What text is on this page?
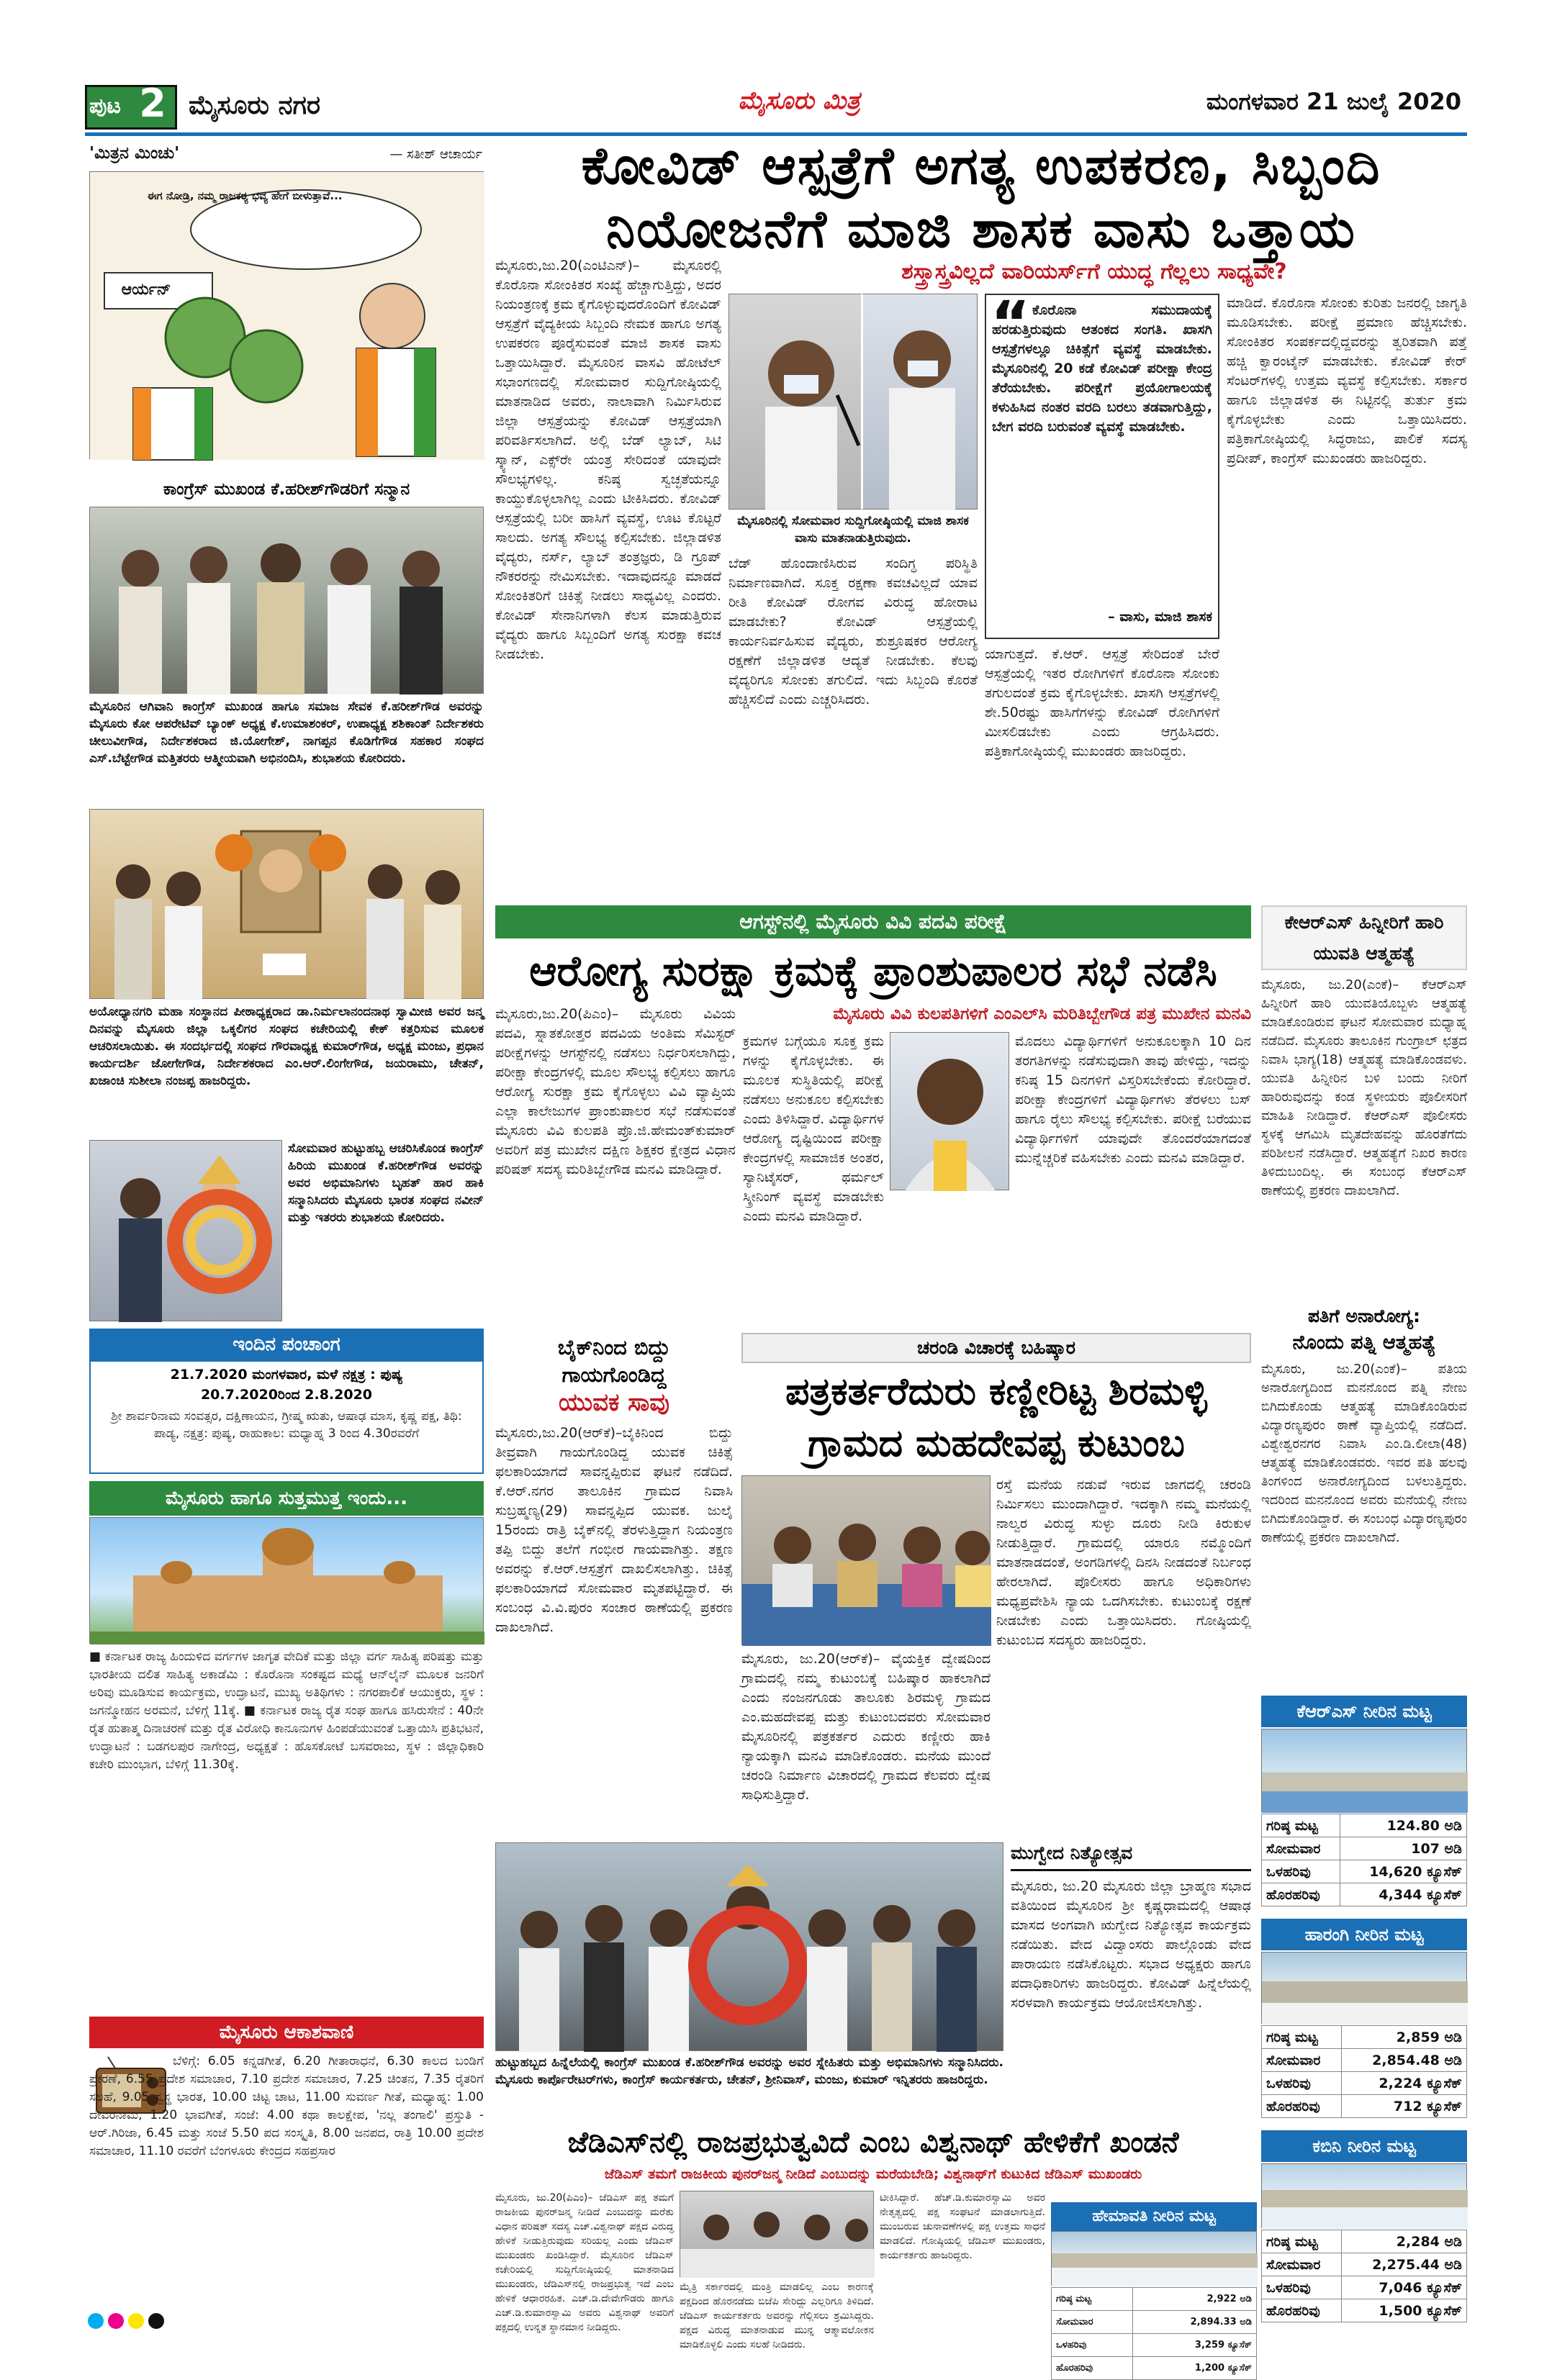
ಪುಟ 2 ಮೈಸೂರು ನಗರ	ಮೈಸೂರು ಮಿತ್ರ	ಮಂಗಳವಾರ 21 ಜುಲೈ 2020
'ಮಿತ್ರನ ಮಿಂಚು'	— ಸತೀಶ್ ಆಚಾರ್ಯ
ಈಗ ನೋಡ್ರಿ, ನಮ್ಮ ರಾಜಕರ್‍ಯ ಭವ್ಯ ಹೇಗೆ ಬೀಳುತ್ತಾವೆ...
ಆರ್ಯನ್
ಕಾಂಗ್ರೆಸ್ ಮುಖಂಡ ಕೆ.ಹರೀಶ್‌ಗೌಡರಿಗೆ ಸನ್ಮಾನ
ಮೈಸೂರಿನ ಆಗಿವಾನಿ ಕಾಂಗ್ರೆಸ್ ಮುಖಂಡ ಹಾಗೂ ಸಮಾಜ ಸೇವಕ ಕೆ.ಹರೀಶ್‌ಗೌಡ ಅವರನ್ನು ಮೈಸೂರು ಕೋ ಆಪರೇಟಿವ್ ಬ್ಯಾಂಕ್ ಅಧ್ಯಕ್ಷ ಕೆ.ಉಮಾಶಂಕರ್, ಉಪಾಧ್ಯಕ್ಷ ಶಶಿಕಾಂತ್ ನಿರ್ದೇಶಕರು ಚೀಲುವೀಗೌಡ, ನಿರ್ದೇಶಕರಾದ ಜಿ.ಯೋಗೇಶ್, ನಾಗಪ್ಪನ ಕೊಡಿಗೆಗೌಡ ಸಹಕಾರ ಸಂಘದ ಎಸ್.ಬೆಟ್ಟೇಗೌಡ ಮತ್ತಿತರರು ಆತ್ಮೀಯವಾಗಿ ಅಭಿನಂದಿಸಿ, ಶುಭಾಶಯ ಕೋರಿದರು.
ಅಯೋಧ್ಯಾನಗರಿ ಮಹಾ ಸಂಸ್ಥಾನದ ಪೀಠಾಧ್ಯಕ್ಷರಾದ ಡಾ.ನಿರ್ಮಲಾನಂದನಾಥ ಸ್ವಾಮೀಜಿ ಅವರ ಜನ್ಮ ದಿನವನ್ನು ಮೈಸೂರು ಜಿಲ್ಲಾ ಒಕ್ಕಲಿಗರ ಸಂಘದ ಕಚೇರಿಯಲ್ಲಿ ಕೇಕ್ ಕತ್ತರಿಸುವ ಮೂಲಕ ಆಚರಿಸಲಾಯಿತು. ಈ ಸಂದರ್ಭದಲ್ಲಿ ಸಂಘದ ಗೌರವಾಧ್ಯಕ್ಷ ಕುಮಾರ್‌ಗೌಡ, ಅಧ್ಯಕ್ಷ ಮಂಜು, ಪ್ರಧಾನ ಕಾರ್ಯದರ್ಶಿ ಜೋಗೇಗೌಡ, ನಿರ್ದೇಶಕರಾದ ಎಂ.ಆರ್.ಲಿಂಗೇಗೌಡ, ಜಯರಾಮು, ಚೇತನ್, ಖಜಾಂಚಿ ಸುಶೀಲಾ ನಂಜಪ್ಪ ಹಾಜರಿದ್ದರು.
ಸೋಮವಾರ ಹುಟ್ಟುಹಬ್ಬ ಆಚರಿಸಿಕೊಂಡ ಕಾಂಗ್ರೆಸ್ ಹಿರಿಯ ಮುಖಂಡ ಕೆ.ಹರೀಶ್‌ಗೌಡ ಅವರನ್ನು ಅವರ ಅಭಿಮಾನಿಗಳು ಬೃಹತ್ ಹಾರ ಹಾಕಿ ಸನ್ಮಾನಿಸಿದರು ಮೈಸೂರು ಭಾರತ ಸಂಘದ ನವೀನ್ ಮತ್ತು ಇತರರು ಶುಭಾಶಯ ಕೋರಿದರು.
ಇಂದಿನ ಪಂಚಾಂಗ
21.7.2020 ಮಂಗಳವಾರ, ಮಳೆ ನಕ್ಷತ್ರ : ಪುಷ್ಯ
20.7.2020ರಿಂದ 2.8.2020
ಶ್ರೀ ಶಾರ್ವರಿನಾಮ ಸಂವತ್ಸರ, ದಕ್ಷಿಣಾಯನ, ಗ್ರೀಷ್ಮ ಋತು, ಆಷಾಢ ಮಾಸ, ಕೃಷ್ಣ ಪಕ್ಷ, ತಿಥಿ: ಪಾಡ್ಯ, ನಕ್ಷತ್ರ: ಪುಷ್ಯ, ರಾಹುಕಾಲ: ಮಧ್ಯಾಹ್ನ 3 ರಿಂದ 4.30ರವರೆಗೆ
ಮೈಸೂರು ಹಾಗೂ ಸುತ್ತಮುತ್ತ ಇಂದು...
■ ಕರ್ನಾಟಕ ರಾಜ್ಯ ಹಿಂದುಳಿದ ವರ್ಗಗಳ ಜಾಗೃತ ವೇದಿಕೆ ಮತ್ತು ಜಿಲ್ಲಾ ವರ್ಗ ಸಾಹಿತ್ಯ ಪರಿಷತ್ತು ಮತ್ತು ಭಾರತೀಯ ದಲಿತ ಸಾಹಿತ್ಯ ಅಕಾಡೆಮಿ : ಕೊರೊನಾ ಸಂಕಷ್ಟದ ಮಧ್ಯೆ ಆನ್‌ಲೈನ್ ಮೂಲಕ ಜನರಿಗೆ ಅರಿವು ಮೂಡಿಸುವ ಕಾರ್ಯಕ್ರಮ, ಉದ್ಘಾಟನೆ, ಮುಖ್ಯ ಅತಿಥಿಗಳು : ನಗರಪಾಲಿಕೆ ಆಯುಕ್ತರು, ಸ್ಥಳ : ಜಗನ್ಮೋಹನ ಅರಮನೆ, ಬೆಳಿಗ್ಗೆ 11ಕ್ಕೆ. ■ ಕರ್ನಾಟಕ ರಾಜ್ಯ ರೈತ ಸಂಘ ಹಾಗೂ ಹಸಿರುಸೇನೆ : 40ನೇ ರೈತ ಹುತಾತ್ಮ ದಿನಾಚರಣೆ ಮತ್ತು ರೈತ ವಿರೋಧಿ ಕಾನೂನುಗಳ ಹಿಂಪಡೆಯುವಂತೆ ಒತ್ತಾಯಿಸಿ ಪ್ರತಿಭಟನೆ, ಉದ್ಘಾಟನೆ : ಬಡಗಲಪುರ ನಾಗೇಂದ್ರ, ಅಧ್ಯಕ್ಷತೆ : ಹೊಸಕೋಟೆ ಬಸವರಾಜು, ಸ್ಥಳ : ಜಿಲ್ಲಾಧಿಕಾರಿ ಕಚೇರಿ ಮುಂಭಾಗ, ಬೆಳಿಗ್ಗೆ 11.30ಕ್ಕೆ.
ಮೈಸೂರು ಆಕಾಶವಾಣಿ
ಬೆಳಿಗ್ಗೆ: 6.05 ಕನ್ನಡಗೀತೆ, 6.20 ಗೀತಾರಾಧನೆ, 6.30 ಕಾಲದ ಬಂಡಿಗೆ ಪ್ರೇರಣೆ, 6.55 ಪ್ರದೇಶ ಸಮಾಚಾರ, 7.10 ಪ್ರದೇಶ ಸಮಾಚಾರ, 7.25 ಚಿಂತನ, 7.35 ರೈತರಿಗೆ ಸಲಹೆ, 9.05 ಸ್ವಸ್ಥ ಭಾರತ, 10.00 ಚಿಟ್ಟ ಚಾಟ, 11.00 ಸುವರ್ಣ ಗೀತೆ, ಮಧ್ಯಾಹ್ನ: 1.00 ದೇವರನಾಮ, 1.20 ಭಾವಗೀತೆ, ಸಂಜೆ: 4.00 ಕಥಾ ಕಾಲಕ್ಷೇಪ, 'ನಲ್ಲ ತಂಗಾಲಿ' ಪ್ರಸ್ತುತಿ - ಆರ್.ಗಿರಿಜಾ, 6.45 ಮತ್ತು ಸಂಜೆ 5.50 ಪದ ಸಂಸ್ಕೃತಿ, 8.00 ಜನಪದ, ರಾತ್ರಿ 10.00 ಪ್ರದೇಶ ಸಮಾಚಾರ, 11.10 ರವರೆಗೆ ಬೆಂಗಳೂರು ಕೇಂದ್ರದ ಸಹಪ್ರಸಾರ
ಕೋವಿಡ್ ಆಸ್ಪತ್ರೆಗೆ ಅಗತ್ಯ ಉಪಕರಣ, ಸಿಬ್ಬಂದಿ
ನಿಯೋಜನೆಗೆ ಮಾಜಿ ಶಾಸಕ ವಾಸು ಒತ್ತಾಯ
ಶಸ್ತ್ರಾಸ್ತ್ರವಿಲ್ಲದೆ ವಾರಿಯರ್ಸ್‌ಗೆ ಯುದ್ಧ ಗೆಲ್ಲಲು ಸಾಧ್ಯವೇ?
ಮೈಸೂರು,ಜು.20(ಎಂಟಿಎನ್)– ಮೈಸೂರಲ್ಲಿ ಕೊರೊನಾ ಸೋಂಕಿತರ ಸಂಖ್ಯೆ ಹೆಚ್ಚಾಗುತ್ತಿದ್ದು, ಅದರ ನಿಯಂತ್ರಣಕ್ಕೆ ಕ್ರಮ ಕೈಗೊಳ್ಳುವುದರೊಂದಿಗೆ ಕೋವಿಡ್ ಆಸ್ಪತ್ರೆಗೆ ವೈದ್ಯಕೀಯ ಸಿಬ್ಬಂದಿ ನೇಮಕ ಹಾಗೂ ಅಗತ್ಯ ಉಪಕರಣ ಪೂರೈಸುವಂತೆ ಮಾಜಿ ಶಾಸಕ ವಾಸು ಒತ್ತಾಯಿಸಿದ್ದಾರೆ. ಮೈಸೂರಿನ ವಾಸವಿ ಹೋಟೆಲ್ ಸಭಾಂಗಣದಲ್ಲಿ ಸೋಮವಾರ ಸುದ್ದಿಗೋಷ್ಠಿಯಲ್ಲಿ ಮಾತನಾಡಿದ ಅವರು, ನಾಲಾವಾಗಿ ನಿರ್ಮಿಸಿರುವ ಜಿಲ್ಲಾ ಆಸ್ಪತ್ರೆಯನ್ನು ಕೋವಿಡ್ ಆಸ್ಪತ್ರೆಯಾಗಿ ಪರಿವರ್ತಿಸಲಾಗಿದೆ. ಅಲ್ಲಿ ಬೆಡ್ ಲ್ಯಾಬ್, ಸಿಟಿ ಸ್ಕ್ಯಾನ್, ಎಕ್ಸ್‌ರೇ ಯಂತ್ರ ಸೇರಿದಂತೆ ಯಾವುದೇ ಸೌಲಭ್ಯಗಳಿಲ್ಲ. ಕನಿಷ್ಠ ಸ್ವಚ್ಛತೆಯನ್ನೂ ಕಾಯ್ದುಕೊಳ್ಳಲಾಗಿಲ್ಲ ಎಂದು ಟೀಕಿಸಿದರು. ಕೋವಿಡ್ ಆಸ್ಪತ್ರೆಯಲ್ಲಿ ಬರೀ ಹಾಸಿಗೆ ವ್ಯವಸ್ಥೆ, ಊಟ ಕೊಟ್ಟರೆ ಸಾಲದು. ಅಗತ್ಯ ಸೌಲಭ್ಯ ಕಲ್ಪಿಸಬೇಕು. ಜಿಲ್ಲಾಡಳಿತ ವೈದ್ಯರು, ನರ್ಸ್, ಲ್ಯಾಬ್ ತಂತ್ರಜ್ಞರು, ಡಿ ಗ್ರೂಪ್ ನೌಕರರನ್ನು ನೇಮಿಸಬೇಕು. ಇದಾವುದನ್ನೂ ಮಾಡದೆ ಸೋಂಕಿತರಿಗೆ ಚಿಕಿತ್ಸೆ ನೀಡಲು ಸಾಧ್ಯವಿಲ್ಲ ಎಂದರು. ಕೋವಿಡ್ ಸೇನಾನಿಗಳಾಗಿ ಕೆಲಸ ಮಾಡುತ್ತಿರುವ ವೈದ್ಯರು ಹಾಗೂ ಸಿಬ್ಬಂದಿಗೆ ಅಗತ್ಯ ಸುರಕ್ಷಾ ಕವಚ ನೀಡಬೇಕು.
ಮೈಸೂರಿನಲ್ಲಿ ಸೋಮವಾರ ಸುದ್ದಿಗೋಷ್ಠಿಯಲ್ಲಿ ಮಾಜಿ ಶಾಸಕ ವಾಸು ಮಾತನಾಡುತ್ತಿರುವುದು.
ಬೆಡ್ ಹೊಂದಾಣಿಸಿರುವ ಸಂದಿಗ್ಧ ಪರಿಸ್ಥಿತಿ ನಿರ್ಮಾಣವಾಗಿದೆ. ಸೂಕ್ತ ರಕ್ಷಣಾ ಕವಚವಿಲ್ಲದೆ ಯಾವ ರೀತಿ ಕೋವಿಡ್ ರೋಗವ ವಿರುದ್ಧ ಹೋರಾಟ ಮಾಡಬೇಕು? ಕೋವಿಡ್ ಆಸ್ಪತ್ರೆಯಲ್ಲಿ ಕಾರ್ಯನಿರ್ವಹಿಸುವ ವೈದ್ಯರು, ಶುಶ್ರೂಷಕರ ಆರೋಗ್ಯ ರಕ್ಷಣೆಗೆ ಜಿಲ್ಲಾಡಳಿತ ಆದ್ಯತೆ ನೀಡಬೇಕು. ಕೆಲವು ವೈದ್ಯರಿಗೂ ಸೋಂಕು ತಗುಲಿದೆ. ಇದು ಸಿಬ್ಬಂದಿ ಕೊರತೆ ಹೆಚ್ಚಿಸಲಿದೆ ಎಂದು ಎಚ್ಚರಿಸಿದರು.
“ ಕೊರೊನಾ ಸಮುದಾಯಕ್ಕೆ ಹರಡುತ್ತಿರುವುದು ಆತಂಕದ ಸಂಗತಿ. ಖಾಸಗಿ ಆಸ್ಪತ್ರೆಗಳಲ್ಲೂ ಚಿಕಿತ್ಸೆಗೆ ವ್ಯವಸ್ಥೆ ಮಾಡಬೇಕು. ಮೈಸೂರಿನಲ್ಲಿ 20 ಕಡೆ ಕೋವಿಡ್ ಪರೀಕ್ಷಾ ಕೇಂದ್ರ ತೆರೆಯಬೇಕು. ಪರೀಕ್ಷೆಗೆ ಪ್ರಯೋಗಾಲಯಕ್ಕೆ ಕಳುಹಿಸಿದ ನಂತರ ವರದಿ ಬರಲು ತಡವಾಗುತ್ತಿದ್ದು, ಬೇಗ ವರದಿ ಬರುವಂತೆ ವ್ಯವಸ್ಥೆ ಮಾಡಬೇಕು.
– ವಾಸು, ಮಾಜಿ ಶಾಸಕ
ಯಾಗುತ್ತದೆ. ಕೆ.ಆರ್. ಆಸ್ಪತ್ರೆ ಸೇರಿದಂತೆ ಬೇರೆ ಆಸ್ಪತ್ರೆಯಲ್ಲಿ ಇತರ ರೋಗಿಗಳಿಗೆ ಕೊರೊನಾ ಸೋಂಕು ತಗುಲದಂತೆ ಕ್ರಮ ಕೈಗೊಳ್ಳಬೇಕು. ಖಾಸಗಿ ಆಸ್ಪತ್ರೆಗಳಲ್ಲಿ ಶೇ.50ರಷ್ಟು ಹಾಸಿಗೆಗಳನ್ನು ಕೋವಿಡ್ ರೋಗಿಗಳಿಗೆ ಮೀಸಲಿಡಬೇಕು ಎಂದು ಆಗ್ರಹಿಸಿದರು. ಪತ್ರಿಕಾಗೋಷ್ಠಿಯಲ್ಲಿ ಮುಖಂಡರು ಹಾಜರಿದ್ದರು.
ಮಾಡಿದೆ. ಕೊರೊನಾ ಸೋಂಕು ಕುರಿತು ಜನರಲ್ಲಿ ಜಾಗೃತಿ ಮೂಡಿಸಬೇಕು. ಪರೀಕ್ಷೆ ಪ್ರಮಾಣ ಹೆಚ್ಚಿಸಬೇಕು. ಸೋಂಕಿತರ ಸಂಪರ್ಕದಲ್ಲಿದ್ದವರನ್ನು ತ್ವರಿತವಾಗಿ ಪತ್ತೆ ಹಚ್ಚಿ ಕ್ವಾರಂಟೈನ್ ಮಾಡಬೇಕು. ಕೋವಿಡ್ ಕೇರ್ ಸೆಂಟರ್‌ಗಳಲ್ಲಿ ಉತ್ತಮ ವ್ಯವಸ್ಥೆ ಕಲ್ಪಿಸಬೇಕು. ಸರ್ಕಾರ ಹಾಗೂ ಜಿಲ್ಲಾಡಳಿತ ಈ ನಿಟ್ಟಿನಲ್ಲಿ ತುರ್ತು ಕ್ರಮ ಕೈಗೊಳ್ಳಬೇಕು ಎಂದು ಒತ್ತಾಯಿಸಿದರು. ಪತ್ರಿಕಾಗೋಷ್ಠಿಯಲ್ಲಿ ಸಿದ್ಧರಾಜು, ಪಾಲಿಕೆ ಸದಸ್ಯ ಪ್ರದೀಪ್, ಕಾಂಗ್ರೆಸ್ ಮುಖಂಡರು ಹಾಜರಿದ್ದರು.
ಆಗಸ್ಟ್‌ನಲ್ಲಿ ಮೈಸೂರು ವಿವಿ ಪದವಿ ಪರೀಕ್ಷೆ
ಆರೋಗ್ಯ ಸುರಕ್ಷಾ ಕ್ರಮಕ್ಕೆ ಪ್ರಾಂಶುಪಾಲರ ಸಭೆ ನಡೆಸಿ
ಮೈಸೂರು ವಿವಿ ಕುಲಪತಿಗಳಿಗೆ ಎಂಎಲ್‌ಸಿ ಮರಿತಿಬ್ಬೇಗೌಡ ಪತ್ರ ಮುಖೇನ ಮನವಿ
ಮೈಸೂರು,ಜು.20(ಪಿಎಂ)– ಮೈಸೂರು ವಿವಿಯ ಪದವಿ, ಸ್ನಾತಕೋತ್ತರ ಪದವಿಯ ಅಂತಿಮ ಸೆಮಿಸ್ಟರ್ ಪರೀಕ್ಷೆಗಳನ್ನು ಆಗಸ್ಟ್‌ನಲ್ಲಿ ನಡೆಸಲು ನಿರ್ಧರಿಸಲಾಗಿದ್ದು, ಪರೀಕ್ಷಾ ಕೇಂದ್ರಗಳಲ್ಲಿ ಮೂಲ ಸೌಲಭ್ಯ ಕಲ್ಪಿಸಲು ಹಾಗೂ ಆರೋಗ್ಯ ಸುರಕ್ಷಾ ಕ್ರಮ ಕೈಗೊಳ್ಳಲು ವಿವಿ ವ್ಯಾಪ್ತಿಯ ಎಲ್ಲಾ ಕಾಲೇಜುಗಳ ಪ್ರಾಂಶುಪಾಲರ ಸಭೆ ನಡೆಸುವಂತೆ ಮೈಸೂರು ವಿವಿ ಕುಲಪತಿ ಪ್ರೊ.ಜಿ.ಹೇಮಂತ್‌ಕುಮಾರ್ ಅವರಿಗೆ ಪತ್ರ ಮುಖೇನ ದಕ್ಷಿಣ ಶಿಕ್ಷಕರ ಕ್ಷೇತ್ರದ ವಿಧಾನ ಪರಿಷತ್ ಸದಸ್ಯ ಮರಿತಿಬ್ಬೇಗೌಡ ಮನವಿ ಮಾಡಿದ್ದಾರೆ.
ಕ್ರಮಗಳ ಬಗ್ಗೆಯೂ ಸೂಕ್ತ ಕ್ರಮ ಗಳನ್ನು ಕೈಗೊಳ್ಳಬೇಕು. ಈ ಮೂಲಕ ಸುಸ್ಥಿತಿಯಲ್ಲಿ ಪರೀಕ್ಷೆ ನಡೆಸಲು ಅನುಕೂಲ ಕಲ್ಪಿಸಬೇಕು ಎಂದು ತಿಳಿಸಿದ್ದಾರೆ. ವಿದ್ಯಾರ್ಥಿಗಳ ಆರೋಗ್ಯ ದೃಷ್ಟಿಯಿಂದ ಪರೀಕ್ಷಾ ಕೇಂದ್ರಗಳಲ್ಲಿ ಸಾಮಾಜಿಕ ಅಂತರ, ಸ್ಯಾನಿಟೈಸರ್, ಥರ್ಮಲ್ ಸ್ಕ್ರೀನಿಂಗ್ ವ್ಯವಸ್ಥೆ ಮಾಡಬೇಕು ಎಂದು ಮನವಿ ಮಾಡಿದ್ದಾರೆ.
ಮೊದಲು ವಿದ್ಯಾರ್ಥಿಗಳಿಗೆ ಅನುಕೂಲಕ್ಕಾಗಿ 10 ದಿನ ತರಗತಿಗಳನ್ನು ನಡೆಸುವುದಾಗಿ ತಾವು ಹೇಳಿದ್ದು, ಇದನ್ನು ಕನಿಷ್ಠ 15 ದಿನಗಳಿಗೆ ವಿಸ್ತರಿಸಬೇಕೆಂದು ಕೋರಿದ್ದಾರೆ. ಪರೀಕ್ಷಾ ಕೇಂದ್ರಗಳಿಗೆ ವಿದ್ಯಾರ್ಥಿಗಳು ತೆರಳಲು ಬಸ್ ಹಾಗೂ ರೈಲು ಸೌಲಭ್ಯ ಕಲ್ಪಿಸಬೇಕು. ಪರೀಕ್ಷೆ ಬರೆಯುವ ವಿದ್ಯಾರ್ಥಿಗಳಿಗೆ ಯಾವುದೇ ತೊಂದರೆಯಾಗದಂತೆ ಮುನ್ನೆಚ್ಚರಿಕೆ ವಹಿಸಬೇಕು ಎಂದು ಮನವಿ ಮಾಡಿದ್ದಾರೆ.
ಕೇಆರ್‌ಎಸ್ ಹಿನ್ನೀರಿಗೆ ಹಾರಿ ಯುವತಿ ಆತ್ಮಹತ್ಯೆ
ಮೈಸೂರು, ಜು.20(ಎಂಕೆ)– ಕೆಆರ್‌ಎಸ್ ಹಿನ್ನೀರಿಗೆ ಹಾರಿ ಯುವತಿಯೊಬ್ಬಳು ಆತ್ಮಹತ್ಯೆ ಮಾಡಿಕೊಂಡಿರುವ ಘಟನೆ ಸೋಮವಾರ ಮಧ್ಯಾಹ್ನ ನಡೆದಿದೆ. ಮೈಸೂರು ತಾಲೂಕಿನ ಗುಂಗ್ರಾಲ್ ಛತ್ರದ ನಿವಾಸಿ ಭಾಗ್ಯ(18) ಆತ್ಮಹತ್ಯೆ ಮಾಡಿಕೊಂಡವಳು. ಯುವತಿ ಹಿನ್ನೀರಿನ ಬಳಿ ಬಂದು ನೀರಿಗೆ ಹಾರಿರುವುದನ್ನು ಕಂಡ ಸ್ಥಳೀಯರು ಪೊಲೀಸರಿಗೆ ಮಾಹಿತಿ ನೀಡಿದ್ದಾರೆ. ಕೆಆರ್‌ಎಸ್ ಪೊಲೀಸರು ಸ್ಥಳಕ್ಕೆ ಆಗಮಿಸಿ ಮೃತದೇಹವನ್ನು ಹೊರತೆಗೆದು ಪರಿಶೀಲನೆ ನಡೆಸಿದ್ದಾರೆ. ಆತ್ಮಹತ್ಯೆಗೆ ನಿಖರ ಕಾರಣ ತಿಳಿದುಬಂದಿಲ್ಲ. ಈ ಸಂಬಂಧ ಕೆಆರ್‌ಎಸ್ ಠಾಣೆಯಲ್ಲಿ ಪ್ರಕರಣ ದಾಖಲಾಗಿದೆ.
ಪತಿಗೆ ಅನಾರೋಗ್ಯ:
ನೊಂದು ಪತ್ನಿ ಆತ್ಮಹತ್ಯೆ
ಮೈಸೂರು, ಜು.20(ಎಂಕೆ)– ಪತಿಯ ಅನಾರೋಗ್ಯದಿಂದ ಮನನೊಂದ ಪತ್ನಿ ನೇಣು ಬಿಗಿದುಕೊಂಡು ಆತ್ಮಹತ್ಯೆ ಮಾಡಿಕೊಂಡಿರುವ ವಿದ್ಯಾರಣ್ಯಪುರಂ ಠಾಣೆ ವ್ಯಾಪ್ತಿಯಲ್ಲಿ ನಡೆದಿದೆ. ವಿಶ್ವೇಶ್ವರನಗರ ನಿವಾಸಿ ಎಂ.ಡಿ.ಲೀಲಾ(48) ಆತ್ಮಹತ್ಯೆ ಮಾಡಿಕೊಂಡವರು. ಇವರ ಪತಿ ಹಲವು ತಿಂಗಳಿಂದ ಅನಾರೋಗ್ಯದಿಂದ ಬಳಲುತ್ತಿದ್ದರು. ಇದರಿಂದ ಮನನೊಂದ ಅವರು ಮನೆಯಲ್ಲಿ ನೇಣು ಬಿಗಿದುಕೊಂಡಿದ್ದಾರೆ. ಈ ಸಂಬಂಧ ವಿದ್ಯಾರಣ್ಯಪುರಂ ಠಾಣೆಯಲ್ಲಿ ಪ್ರಕರಣ ದಾಖಲಾಗಿದೆ.
ಕೆಆರ್‌ಎಸ್ ನೀರಿನ ಮಟ್ಟ
ಗರಿಷ್ಠ ಮಟ್ಟ	124.80 ಅಡಿ
ಸೋಮವಾರ	107 ಅಡಿ
ಒಳಹರಿವು	14,620 ಕ್ಯೂಸೆಕ್
ಹೊರಹರಿವು	4,344 ಕ್ಯೂಸೆಕ್
ಹಾರಂಗಿ ನೀರಿನ ಮಟ್ಟ
ಗರಿಷ್ಠ ಮಟ್ಟ	2,859 ಅಡಿ
ಸೋಮವಾರ	2,854.48 ಅಡಿ
ಒಳಹರಿವು	2,224 ಕ್ಯೂಸೆಕ್
ಹೊರಹರಿವು	712 ಕ್ಯೂಸೆಕ್
ಕಬಿನಿ ನೀರಿನ ಮಟ್ಟ
ಗರಿಷ್ಠ ಮಟ್ಟ	2,284 ಅಡಿ
ಸೋಮವಾರ	2,275.44 ಅಡಿ
ಒಳಹರಿವು	7,046 ಕ್ಯೂಸೆಕ್
ಹೊರಹರಿವು	1,500 ಕ್ಯೂಸೆಕ್
ಹೇಮಾವತಿ ನೀರಿನ ಮಟ್ಟ
ಗರಿಷ್ಠ ಮಟ್ಟ	2,922 ಅಡಿ
ಸೋಮವಾರ	2,894.33 ಅಡಿ
ಒಳಹರಿವು	3,259 ಕ್ಯೂಸೆಕ್
ಹೊರಹರಿವು	1,200 ಕ್ಯೂಸೆಕ್
ಬೈಕ್‌ನಿಂದ ಬಿದ್ದು
ಗಾಯಗೊಂಡಿದ್ದ
ಯುವಕ ಸಾವು
ಮೈಸೂರು,ಜು.20(ಆರ್‌ಕೆ)–ಬೈಕಿನಿಂದ ಬಿದ್ದು ತೀವ್ರವಾಗಿ ಗಾಯಗೊಂಡಿದ್ದ ಯುವಕ ಚಿಕಿತ್ಸೆ ಫಲಕಾರಿಯಾಗದೆ ಸಾವನ್ನಪ್ಪಿರುವ ಘಟನೆ ನಡೆದಿದೆ. ಕೆ.ಆರ್.ನಗರ ತಾಲೂಕಿನ ಗ್ರಾಮದ ನಿವಾಸಿ ಸುಬ್ರಹ್ಮಣ್ಯ(29) ಸಾವನ್ನಪ್ಪಿದ ಯುವಕ. ಜುಲೈ 15ರಂದು ರಾತ್ರಿ ಬೈಕ್‌ನಲ್ಲಿ ತೆರಳುತ್ತಿದ್ದಾಗ ನಿಯಂತ್ರಣ ತಪ್ಪಿ ಬಿದ್ದು ತಲೆಗೆ ಗಂಭೀರ ಗಾಯವಾಗಿತ್ತು. ತಕ್ಷಣ ಅವರನ್ನು ಕೆ.ಆರ್.ಆಸ್ಪತ್ರೆಗೆ ದಾಖಲಿಸಲಾಗಿತ್ತು. ಚಿಕಿತ್ಸೆ ಫಲಕಾರಿಯಾಗದೆ ಸೋಮವಾರ ಮೃತಪಟ್ಟಿದ್ದಾರೆ. ಈ ಸಂಬಂಧ ವಿ.ವಿ.ಪುರಂ ಸಂಚಾರ ಠಾಣೆಯಲ್ಲಿ ಪ್ರಕರಣ ದಾಖಲಾಗಿದೆ.
ಚರಂಡಿ ವಿಚಾರಕ್ಕೆ ಬಹಿಷ್ಕಾರ
ಪತ್ರಕರ್ತರೆದುರು ಕಣ್ಣೀರಿಟ್ಟ ಶಿರಮಳ್ಳಿ
ಗ್ರಾಮದ ಮಹದೇವಪ್ಪ ಕುಟುಂಬ
ಮೈಸೂರು, ಜು.20(ಆರ್‌ಕೆ)– ವೈಯಕ್ತಿಕ ದ್ವೇಷದಿಂದ ಗ್ರಾಮದಲ್ಲಿ ನಮ್ಮ ಕುಟುಂಬಕ್ಕೆ ಬಹಿಷ್ಕಾರ ಹಾಕಲಾಗಿದೆ ಎಂದು ನಂಜನಗೂಡು ತಾಲೂಕು ಶಿರಮಳ್ಳಿ ಗ್ರಾಮದ ಎಂ.ಮಹದೇವಪ್ಪ ಮತ್ತು ಕುಟುಂಬದವರು ಸೋಮವಾರ ಮೈಸೂರಿನಲ್ಲಿ ಪತ್ರಕರ್ತರ ಎದುರು ಕಣ್ಣೀರು ಹಾಕಿ ನ್ಯಾಯಕ್ಕಾಗಿ ಮನವಿ ಮಾಡಿಕೊಂಡರು. ಮನೆಯ ಮುಂದೆ ಚರಂಡಿ ನಿರ್ಮಾಣ ವಿಚಾರದಲ್ಲಿ ಗ್ರಾಮದ ಕೆಲವರು ದ್ವೇಷ ಸಾಧಿಸುತ್ತಿದ್ದಾರೆ.
ರಸ್ತೆ ಮನೆಯ ನಡುವೆ ಇರುವ ಜಾಗದಲ್ಲಿ ಚರಂಡಿ ನಿರ್ಮಿಸಲು ಮುಂದಾಗಿದ್ದಾರೆ. ಇದಕ್ಕಾಗಿ ನಮ್ಮ ಮನೆಯಲ್ಲಿ ನಾಲ್ವರ ವಿರುದ್ಧ ಸುಳ್ಳು ದೂರು ನೀಡಿ ಕಿರುಕುಳ ನೀಡುತ್ತಿದ್ದಾರೆ. ಗ್ರಾಮದಲ್ಲಿ ಯಾರೂ ನಮ್ಮೊಂದಿಗೆ ಮಾತನಾಡದಂತೆ, ಅಂಗಡಿಗಳಲ್ಲಿ ದಿನಸಿ ನೀಡದಂತೆ ನಿರ್ಬಂಧ ಹೇರಲಾಗಿದೆ. ಪೊಲೀಸರು ಹಾಗೂ ಅಧಿಕಾರಿಗಳು ಮಧ್ಯಪ್ರವೇಶಿಸಿ ನ್ಯಾಯ ಒದಗಿಸಬೇಕು. ಕುಟುಂಬಕ್ಕೆ ರಕ್ಷಣೆ ನೀಡಬೇಕು ಎಂದು ಒತ್ತಾಯಿಸಿದರು. ಗೋಷ್ಠಿಯಲ್ಲಿ ಕುಟುಂಬದ ಸದಸ್ಯರು ಹಾಜರಿದ್ದರು.
ಹುಟ್ಟುಹಬ್ಬದ ಹಿನ್ನೆಲೆಯಲ್ಲಿ ಕಾಂಗ್ರೆಸ್ ಮುಖಂಡ ಕೆ.ಹರೀಶ್‌ಗೌಡ ಅವರನ್ನು ಅವರ ಸ್ನೇಹಿತರು ಮತ್ತು ಅಭಿಮಾನಿಗಳು ಸನ್ಮಾನಿಸಿದರು. ಮೈಸೂರು ಕಾರ್ಪೊರೇಟರ್‌ಗಳು, ಕಾಂಗ್ರೆಸ್ ಕಾರ್ಯಕರ್ತರು, ಚೇತನ್, ಶ್ರೀನಿವಾಸ್, ಮಂಜು, ಕುಮಾರ್ ಇನ್ನಿತರರು ಹಾಜರಿದ್ದರು.
ಮುಗ್ವೇದ ನಿತ್ಯೋತ್ಸವ
ಮೈಸೂರು, ಜು.20 ಮೈಸೂರು ಜಿಲ್ಲಾ ಬ್ರಾಹ್ಮಣ ಸಭಾದ ವತಿಯಿಂದ ಮೈಸೂರಿನ ಶ್ರೀ ಕೃಷ್ಣಧಾಮದಲ್ಲಿ ಆಷಾಢ ಮಾಸದ ಅಂಗವಾಗಿ ಋಗ್ವೇದ ನಿತ್ಯೋತ್ಸವ ಕಾರ್ಯಕ್ರಮ ನಡೆಯಿತು. ವೇದ ವಿದ್ವಾಂಸರು ಪಾಲ್ಗೊಂಡು ವೇದ ಪಾರಾಯಣ ನಡೆಸಿಕೊಟ್ಟರು. ಸಭಾದ ಅಧ್ಯಕ್ಷರು ಹಾಗೂ ಪದಾಧಿಕಾರಿಗಳು ಹಾಜರಿದ್ದರು. ಕೋವಿಡ್ ಹಿನ್ನೆಲೆಯಲ್ಲಿ ಸರಳವಾಗಿ ಕಾರ್ಯಕ್ರಮ ಆಯೋಜಿಸಲಾಗಿತ್ತು.
ಜೆಡಿಎಸ್‌ನಲ್ಲಿ ರಾಜಪ್ರಭುತ್ವವಿದೆ ಎಂಬ ವಿಶ್ವನಾಥ್ ಹೇಳಿಕೆಗೆ ಖಂಡನೆ
ಜೆಡಿಎಸ್ ತಮಗೆ ರಾಜಕೀಯ ಪುನರ್‌ಜನ್ಮ ನೀಡಿದೆ ಎಂಬುದನ್ನು ಮರೆಯಬೇಡಿ; ವಿಶ್ವನಾಥ್‌ಗೆ ಕುಟುಕಿದ ಜೆಡಿಎಸ್ ಮುಖಂಡರು
ಮೈಸೂರು, ಜು.20(ಪಿಎಂ)– ಜೆಡಿಎಸ್ ಪಕ್ಷ ತಮಗೆ ರಾಜಕೀಯ ಪುನರ್‌ಜನ್ಮ ನೀಡಿದೆ ಎಂಬುದನ್ನು ಮರೆತು ವಿಧಾನ ಪರಿಷತ್ ಸದಸ್ಯ ಎಚ್.ವಿಶ್ವನಾಥ್ ಪಕ್ಷದ ವಿರುದ್ಧ ಹೇಳಿಕೆ ನೀಡುತ್ತಿರುವುದು ಸರಿಯಲ್ಲ ಎಂದು ಜೆಡಿಎಸ್ ಮುಖಂಡರು ಖಂಡಿಸಿದ್ದಾರೆ. ಮೈಸೂರಿನ ಜೆಡಿಎಸ್ ಕಚೇರಿಯಲ್ಲಿ ಸುದ್ದಿಗೋಷ್ಠಿಯಲ್ಲಿ ಮಾತನಾಡಿದ ಮುಖಂಡರು, ಜೆಡಿಎಸ್‌ನಲ್ಲಿ ರಾಜಪ್ರಭುತ್ವ ಇದೆ ಎಂಬ ಹೇಳಿಕೆ ಆಧಾರರಹಿತ. ಎಚ್.ಡಿ.ದೇವೇಗೌಡರು ಹಾಗೂ ಎಚ್.ಡಿ.ಕುಮಾರಸ್ವಾಮಿ ಅವರು ವಿಶ್ವನಾಥ್ ಅವರಿಗೆ ಪಕ್ಷದಲ್ಲಿ ಉನ್ನತ ಸ್ಥಾನಮಾನ ನೀಡಿದ್ದರು.
ಮೈತ್ರಿ ಸರ್ಕಾರದಲ್ಲಿ ಮಂತ್ರಿ ಮಾಡಲಿಲ್ಲ ಎಂಬ ಕಾರಣಕ್ಕೆ ಪಕ್ಷದಿಂದ ಹೊರನಡೆದು ಬಿಜೆಪಿ ಸೇರಿದ್ದು ಎಲ್ಲರಿಗೂ ತಿಳಿದಿದೆ. ಜೆಡಿಎಸ್ ಕಾರ್ಯಕರ್ತರು ಅವರನ್ನು ಗೆಲ್ಲಿಸಲು ಶ್ರಮಿಸಿದ್ದರು. ಪಕ್ಷದ ವಿರುದ್ಧ ಮಾತನಾಡುವ ಮುನ್ನ ಆತ್ಮಾವಲೋಕನ ಮಾಡಿಕೊಳ್ಳಲಿ ಎಂದು ಸಲಹೆ ನೀಡಿದರು.
ಟೀಕಿಸಿದ್ದಾರೆ. ಹೆಚ್.ಡಿ.ಕುಮಾರಸ್ವಾಮಿ ಅವರ ನೇತೃತ್ವದಲ್ಲಿ ಪಕ್ಷ ಸಂಘಟನೆ ಮಾಡಲಾಗುತ್ತಿದೆ. ಮುಂಬರುವ ಚುನಾವಣೆಗಳಲ್ಲಿ ಪಕ್ಷ ಉತ್ತಮ ಸಾಧನೆ ಮಾಡಲಿದೆ. ಗೋಷ್ಠಿಯಲ್ಲಿ ಜೆಡಿಎಸ್ ಮುಖಂಡರು, ಕಾರ್ಯಕರ್ತರು ಹಾಜರಿದ್ದರು.
